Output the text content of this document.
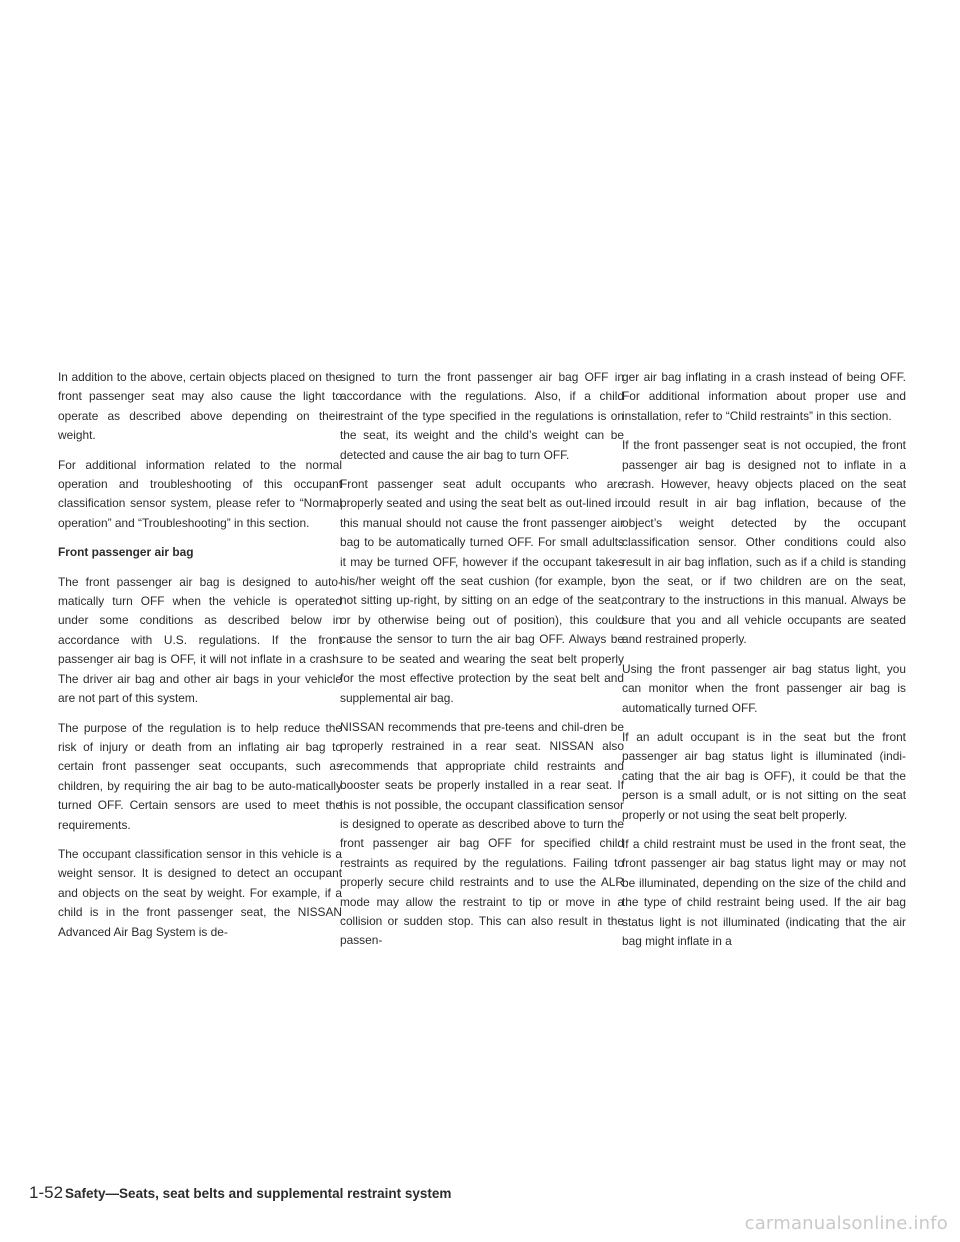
In addition to the above, certain objects placed on the front passenger seat may also cause the light to operate as described above depending on their weight.

For additional information related to the normal operation and troubleshooting of this occupant classification sensor system, please refer to “Normal operation” and “Troubleshooting” in this section.

Front passenger air bag

The front passenger air bag is designed to auto-matically turn OFF when the vehicle is operated under some conditions as described below in accordance with U.S. regulations. If the front passenger air bag is OFF, it will not inflate in a crash. The driver air bag and other air bags in your vehicle are not part of this system.

The purpose of the regulation is to help reduce the risk of injury or death from an inflating air bag to certain front passenger seat occupants, such as children, by requiring the air bag to be auto-matically turned OFF. Certain sensors are used to meet the requirements.

The occupant classification sensor in this vehicle is a weight sensor. It is designed to detect an occupant and objects on the seat by weight. For example, if a child is in the front passenger seat, the NISSAN Advanced Air Bag System is de-

signed to turn the front passenger air bag OFF in accordance with the regulations. Also, if a child restraint of the type specified in the regulations is on the seat, its weight and the child’s weight can be detected and cause the air bag to turn OFF.

Front passenger seat adult occupants who are properly seated and using the seat belt as out-lined in this manual should not cause the front passenger air bag to be automatically turned OFF. For small adults it may be turned OFF, however if the occupant takes his/her weight off the seat cushion (for example, by not sitting up-right, by sitting on an edge of the seat, or by otherwise being out of position), this could cause the sensor to turn the air bag OFF. Always be sure to be seated and wearing the seat belt properly for the most effective protection by the seat belt and supplemental air bag.

NISSAN recommends that pre-teens and chil-dren be properly restrained in a rear seat. NISSAN also recommends that appropriate child restraints and booster seats be properly installed in a rear seat. If this is not possible, the occupant classification sensor is designed to operate as described above to turn the front passenger air bag OFF for specified child restraints as required by the regulations. Failing to properly secure child restraints and to use the ALR mode may allow the restraint to tip or move in a collision or sudden stop. This can also result in the passen-

ger air bag inflating in a crash instead of being OFF. For additional information about proper use and installation, refer to “Child restraints” in this section.

If the front passenger seat is not occupied, the front passenger air bag is designed not to inflate in a crash. However, heavy objects placed on the seat could result in air bag inflation, because of the object’s weight detected by the occupant classification sensor. Other conditions could also result in air bag inflation, such as if a child is standing on the seat, or if two children are on the seat, contrary to the instructions in this manual. Always be sure that you and all vehicle occupants are seated and restrained properly.

Using the front passenger air bag status light, you can monitor when the front passenger air bag is automatically turned OFF.

If an adult occupant is in the seat but the front passenger air bag status light is illuminated (indi-cating that the air bag is OFF), it could be that the person is a small adult, or is not sitting on the seat properly or not using the seat belt properly.

If a child restraint must be used in the front seat, the front passenger air bag status light may or may not be illuminated, depending on the size of the child and the type of child restraint being used. If the air bag status light is not illuminated (indicating that the air bag might inflate in a

1-52 Safety—Seats, seat belts and supplemental restraint system
carmanualsonline.info
